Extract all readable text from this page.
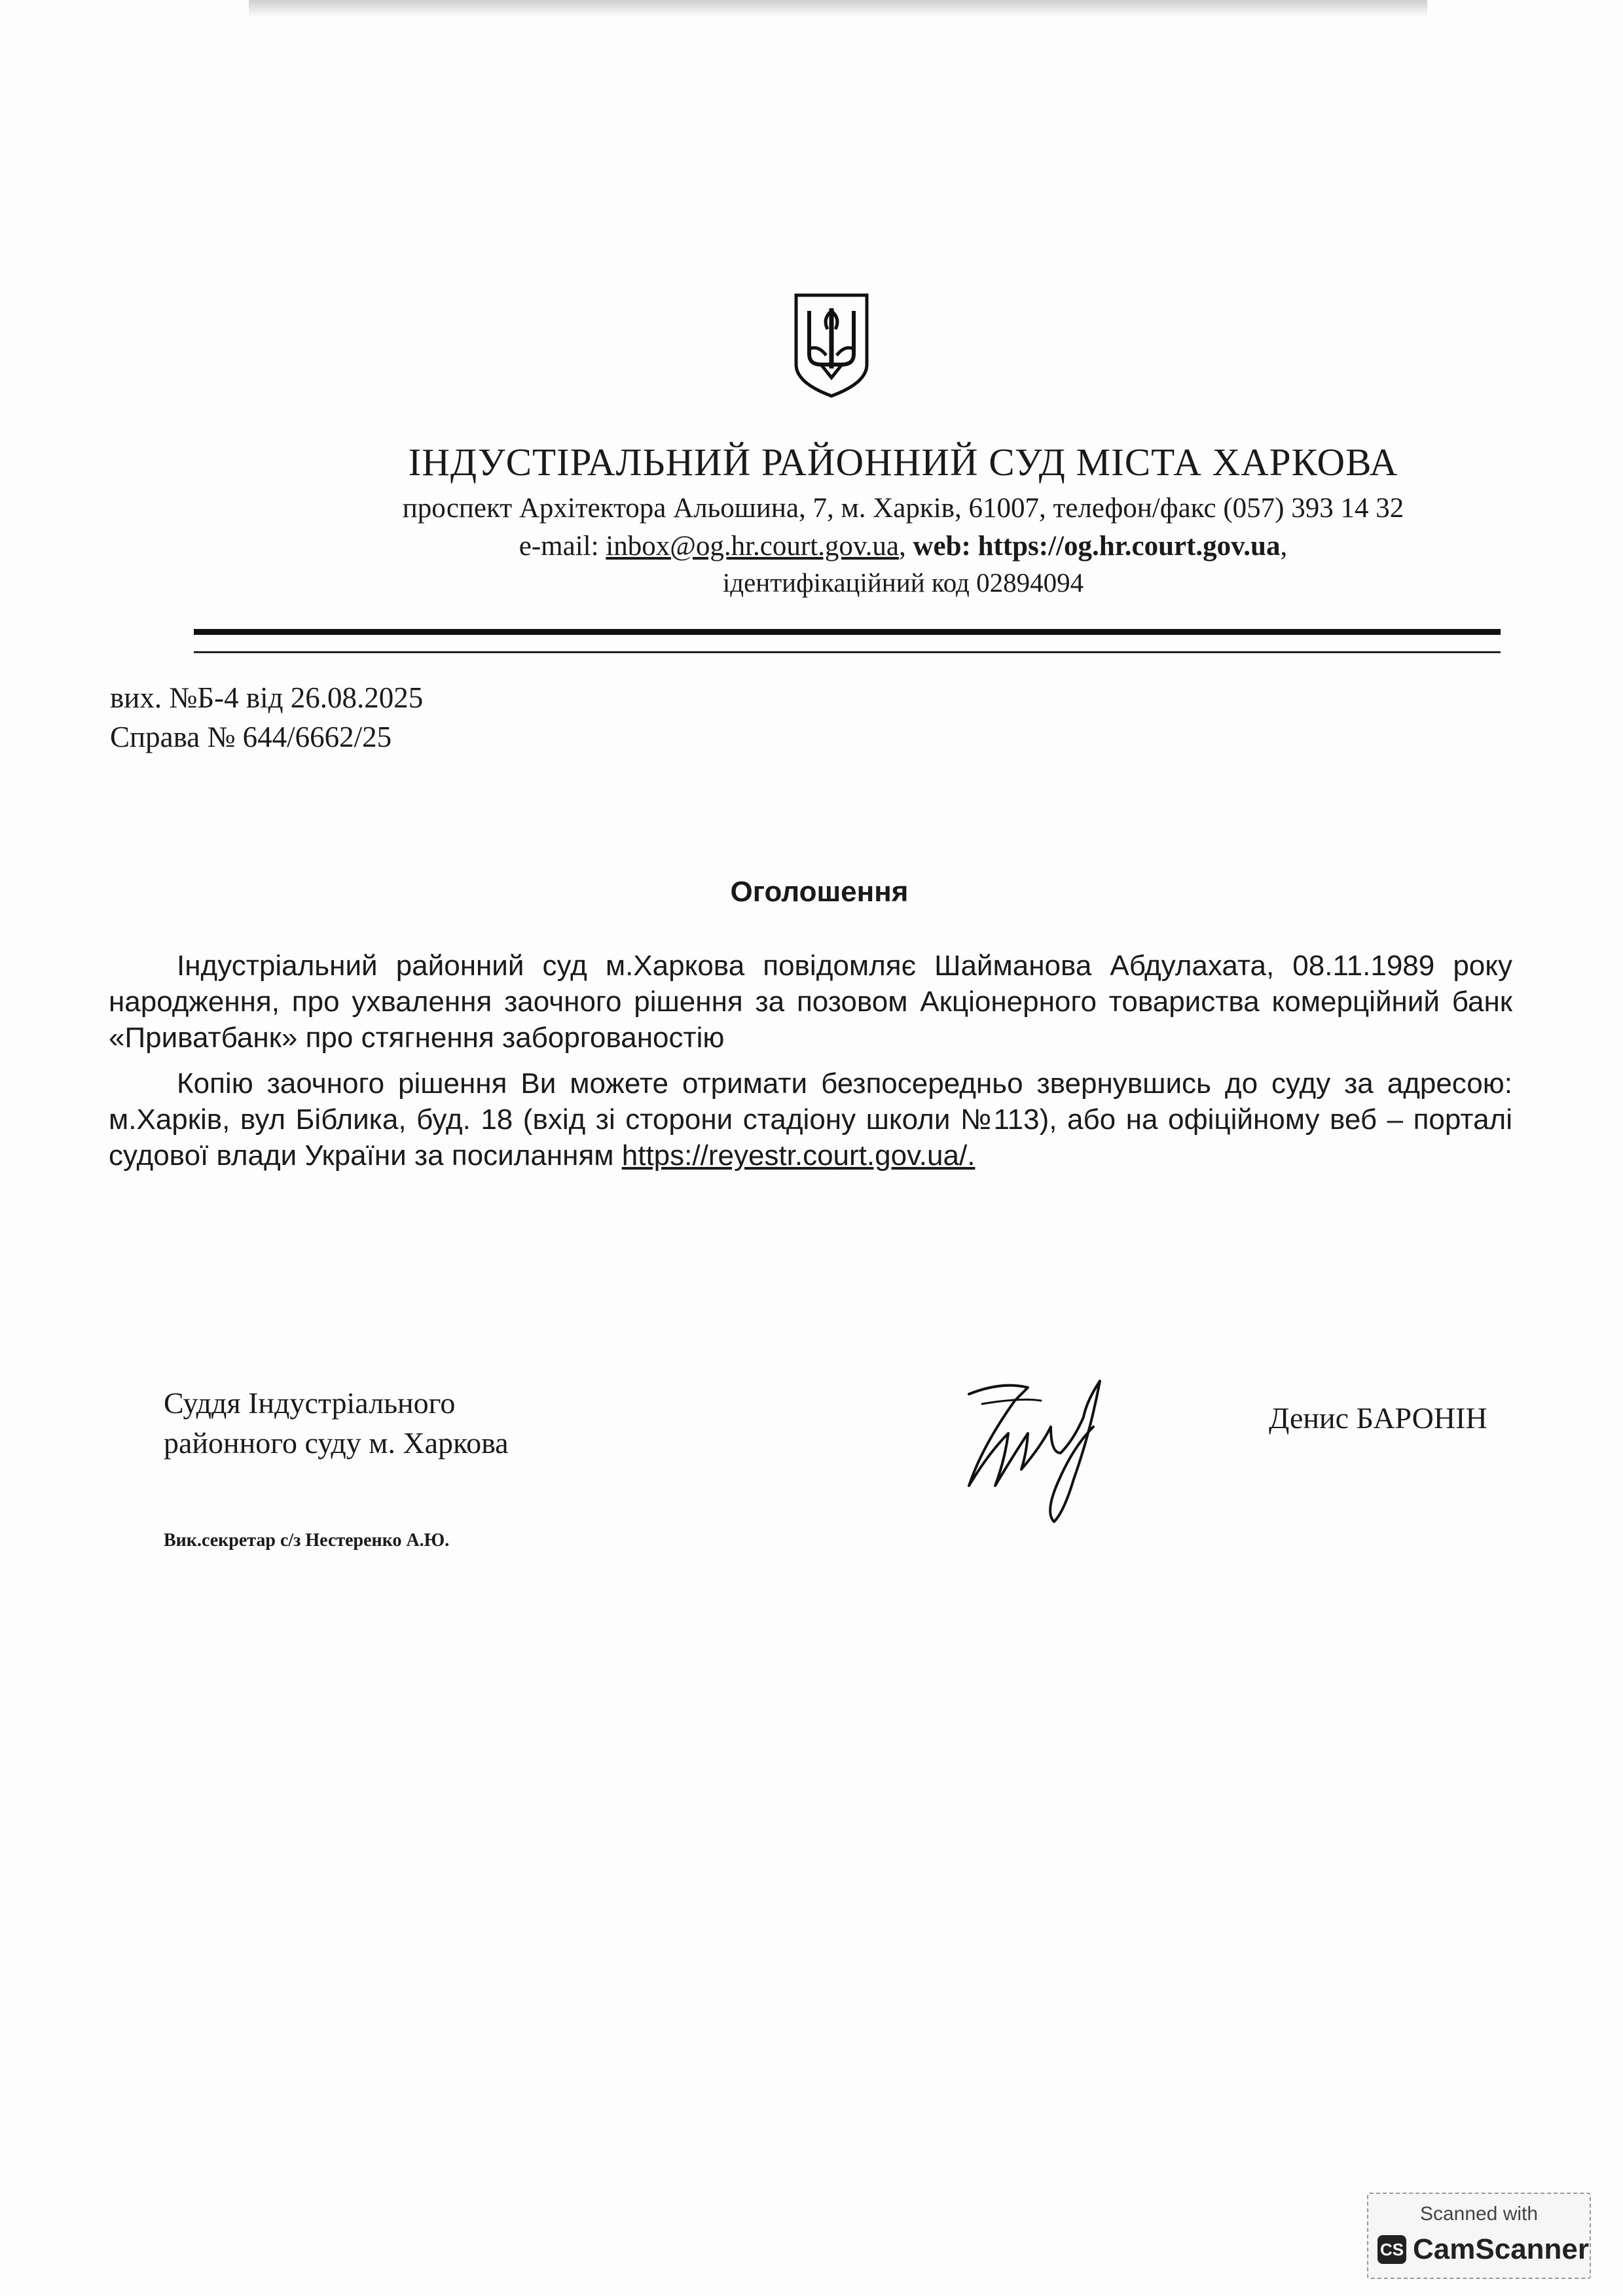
ІНДУСТІРАЛЬНИЙ РАЙОННИЙ СУД МІСТА ХАРКОВА
проспект Архітектора Альошина, 7, м. Харків, 61007, телефон/факс (057) 393 14 32
e-mail: inbox@og.hr.court.gov.ua, web: https://og.hr.court.gov.ua,
ідентифікаційний код 02894094
вих. №Б-4 від 26.08.2025
Справа № 644/6662/25
Оголошення
Індустріальний районний суд м.Харкова повідомляє Шайманова Абдулахата, 08.11.1989 року народження, про ухвалення заочного рішення за позовом Акціонерного товариства комерційний банк «Приватбанк» про стягнення заборгованостію
Копію заочного рішення Ви можете отримати безпосередньо звернувшись до суду за адресою: м.Харків, вул Біблика, буд. 18 (вхід зі сторони стадіону школи №113), або на офіційному веб – порталі судової влади України за посиланням https://reyestr.court.gov.ua/.
Суддя Індустріального
районного суду м. Харкова
Денис БАРОНІН
Вик.секретар с/з Нестеренко А.Ю.
Scanned with
CS CamScanner
